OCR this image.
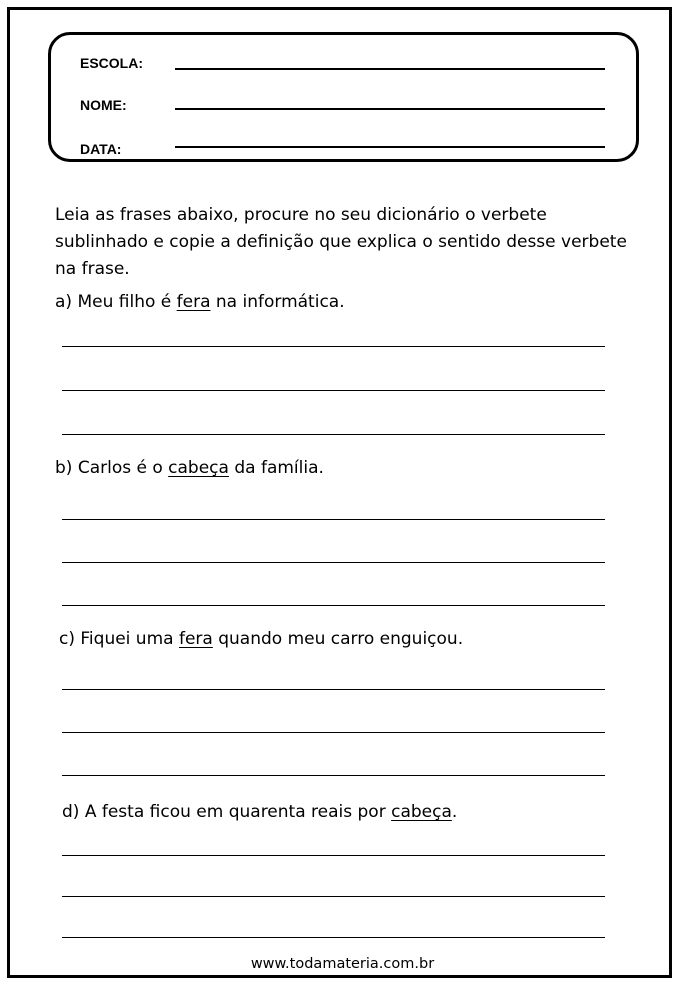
ESCOLA:
NOME:
DATA:
Leia as frases abaixo, procure no seu dicionário o verbete sublinhado e copie a definição que explica o sentido desse verbete na frase.
a) Meu filho é fera na informática.
b) Carlos é o cabeça da família.
c) Fiquei uma fera quando meu carro enguiçou.
d) A festa ficou em quarenta reais por cabeça.
www.todamateria.com.br
